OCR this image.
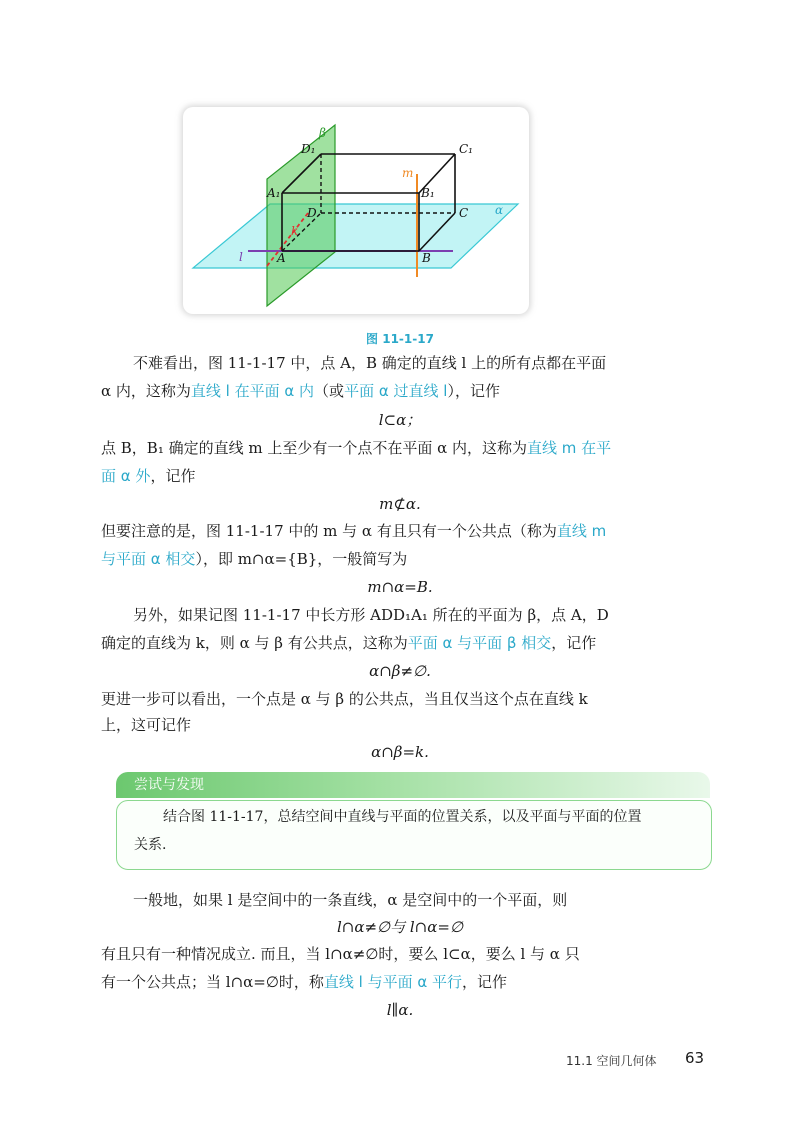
β
D₁	C₁
m
A₁	B₁
D	C α
k
l	A	B
图 11-1-17
不难看出，图 11-1-17 中，点 A，B 确定的直线 l 上的所有点都在平面
α 内，这称为直线 l 在平面 α 内（或平面 α 过直线 l），记作
l⊂α；
点 B，B₁ 确定的直线 m 上至少有一个点不在平面 α 内，这称为直线 m 在平
面 α 外，记作
m⊄α.
但要注意的是，图 11-1-17 中的 m 与 α 有且只有一个公共点（称为直线 m
与平面 α 相交），即 m∩α={B}，一般简写为
m∩α=B.
另外，如果记图 11-1-17 中长方形 ADD₁A₁ 所在的平面为 β，点 A，D
确定的直线为 k，则 α 与 β 有公共点，这称为平面 α 与平面 β 相交，记作
α∩β≠∅.
更进一步可以看出，一个点是 α 与 β 的公共点，当且仅当这个点在直线 k
上，这可记作
α∩β=k.
尝试与发现
结合图 11-1-17，总结空间中直线与平面的位置关系，以及平面与平面的位置
关系.
一般地，如果 l 是空间中的一条直线，α 是空间中的一个平面，则
l∩α≠∅与 l∩α=∅
有且只有一种情况成立. 而且，当 l∩α≠∅时，要么 l⊂α，要么 l 与 α 只
有一个公共点；当 l∩α=∅时，称直线 l 与平面 α 平行，记作
l∥α.
11.1 空间几何体 63
